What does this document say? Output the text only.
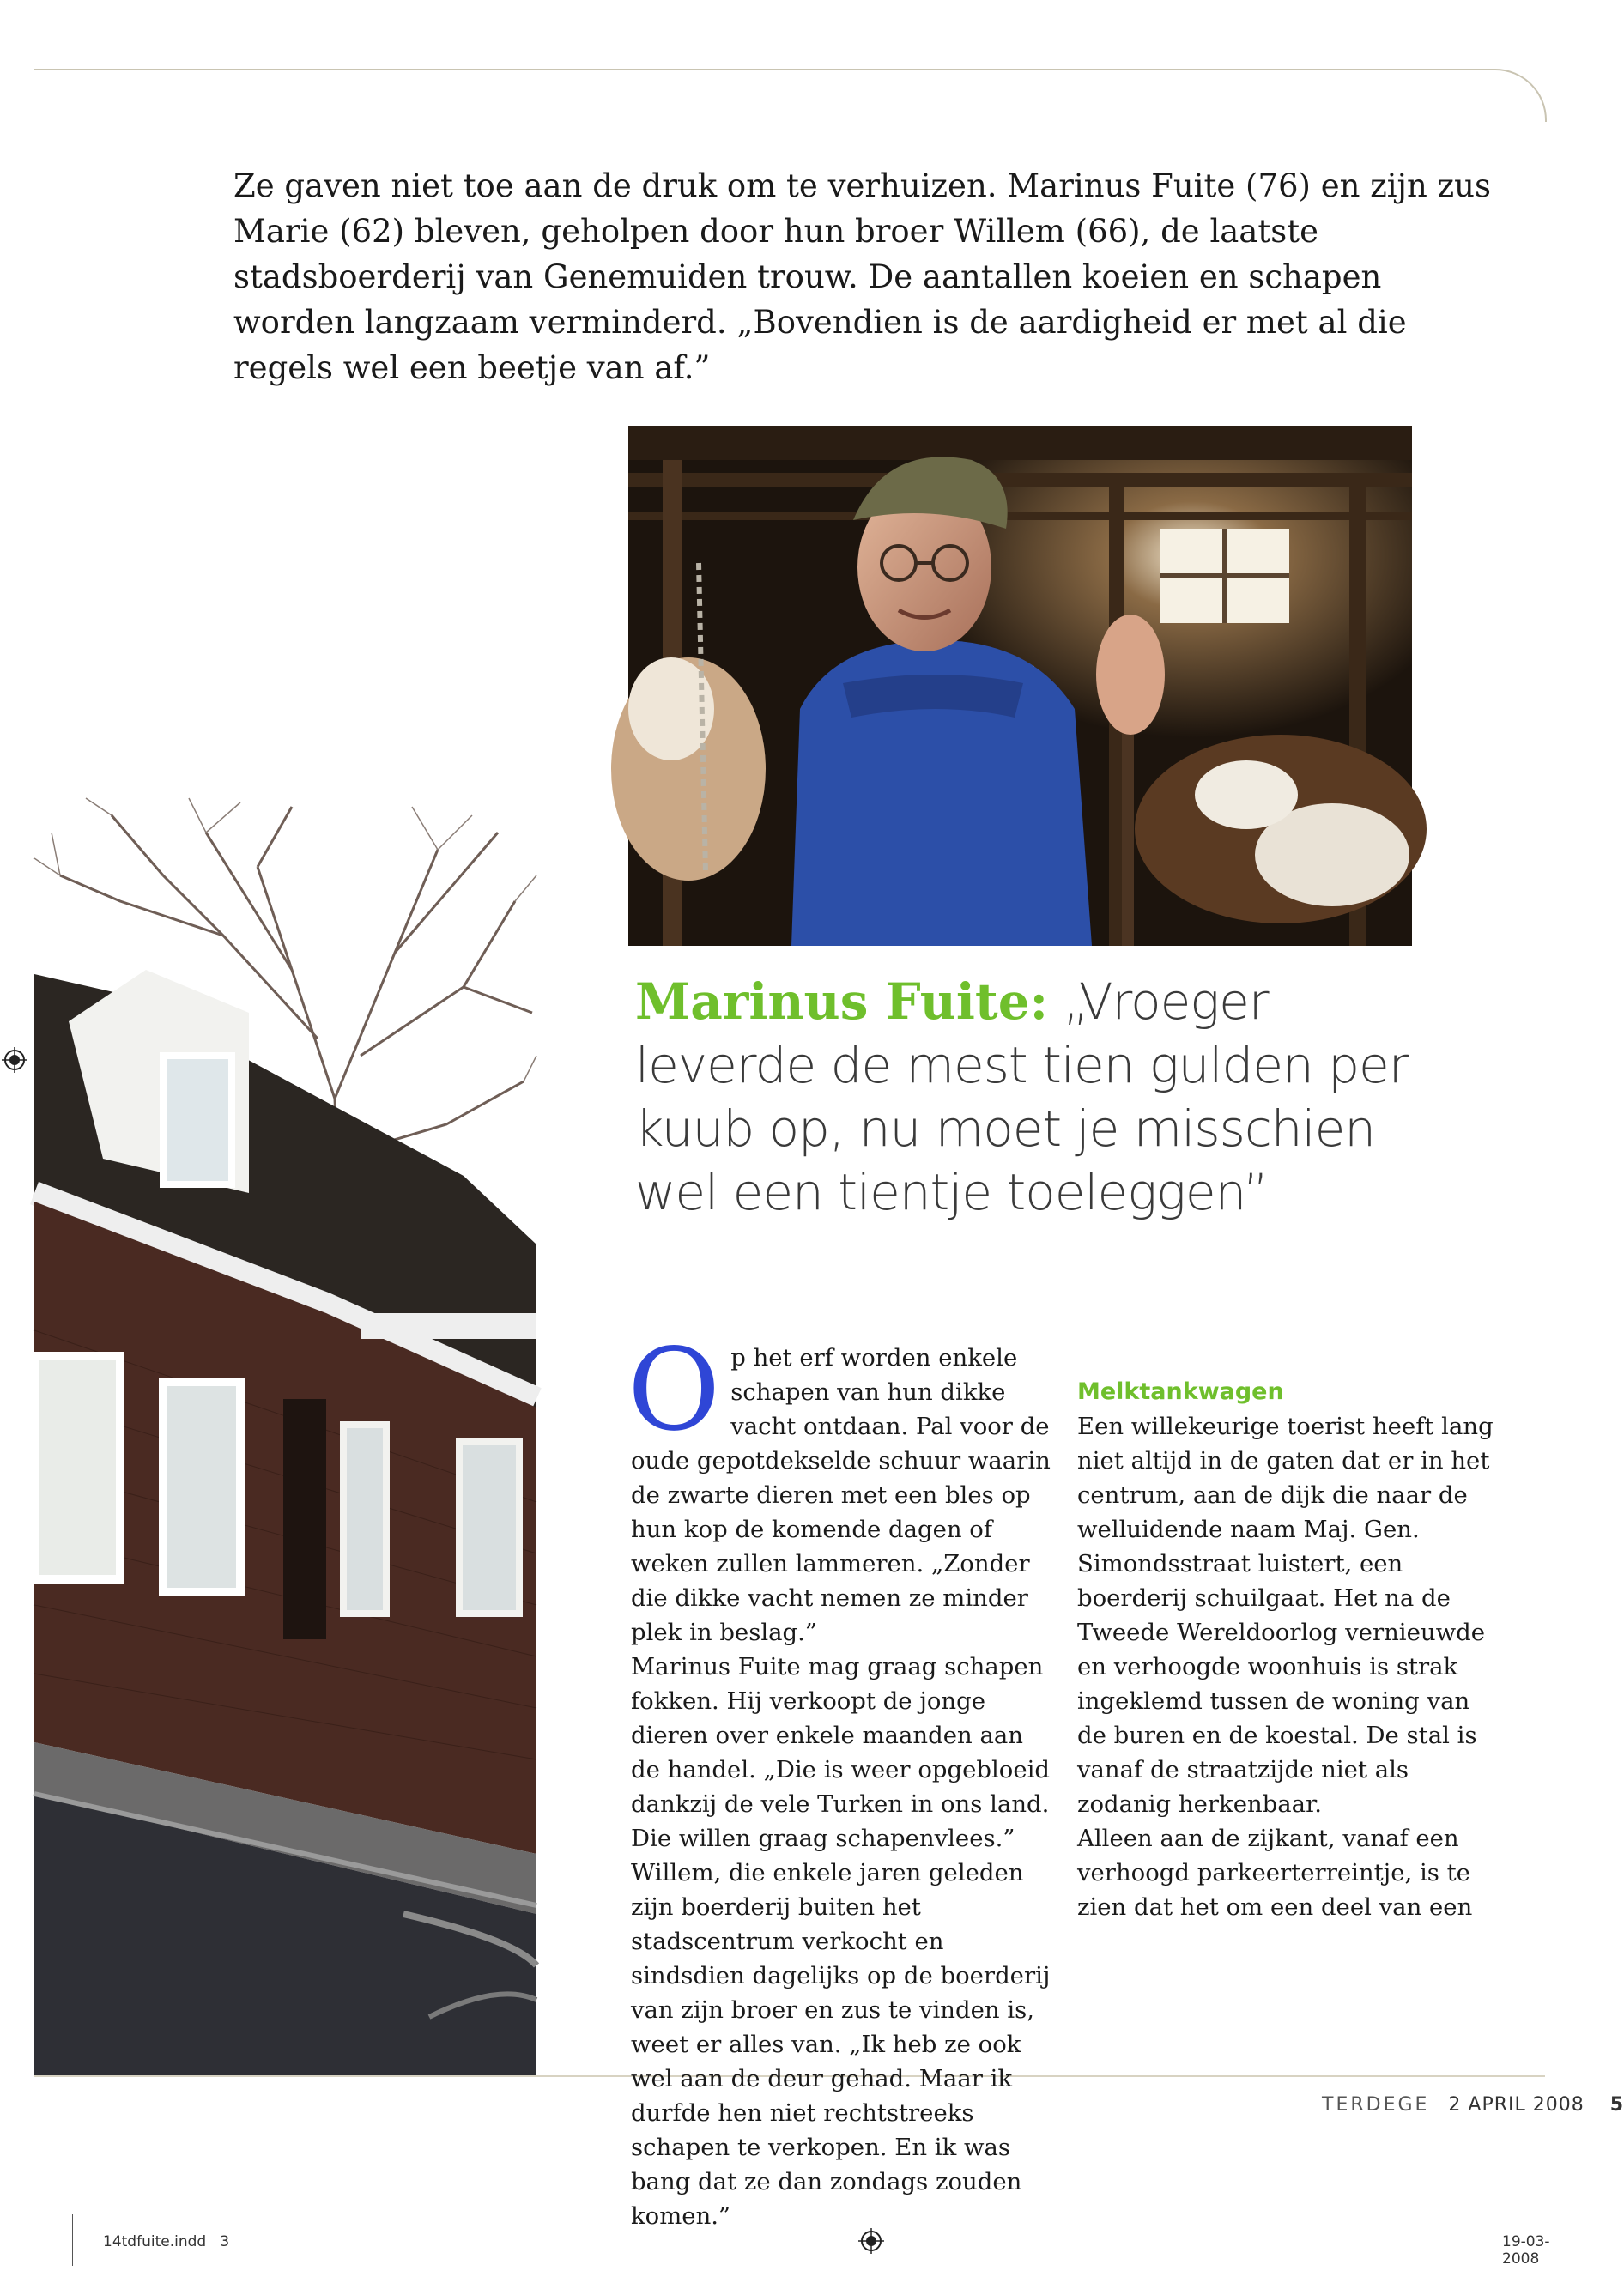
Ze gaven niet toe aan de druk om te verhuizen. Marinus Fuite (76) en zijn zus Marie (62) bleven, geholpen door hun broer Willem (66), de laatste stadsboerderij van Genemuiden trouw. De aantallen koeien en schapen worden langzaam verminderd. „Bovendien is de aardigheid er met al die regels wel een beetje van af.”

Marinus Fuite: „Vroeger leverde de mest tien gulden per kuub op, nu moet je misschien wel een tientje toeleggen”
O p het erf worden enkele schapen van hun dikke vacht ontdaan. Pal voor de oude gepotdekselde schuur waarin de zwarte dieren met een bles op hun kop de komende dagen of weken zullen lammeren. „Zonder die dikke vacht nemen ze minder plek in beslag.”

Marinus Fuite mag graag schapen fokken. Hij verkoopt de jonge dieren over enkele maanden aan de handel. „Die is weer opgebloeid dankzij de vele Turken in ons land. Die willen graag schapenvlees.”

Willem, die enkele jaren geleden zijn boerderij buiten het stadscentrum verkocht en sindsdien dagelijks op de boerderij van zijn broer en zus te vinden is, weet er alles van. „Ik heb ze ook wel aan de deur gehad. Maar ik durfde hen niet rechtstreeks schapen te verkopen. En ik was bang dat ze dan zondags zouden komen.”

Melktankwagen

Een willekeurige toerist heeft lang niet altijd in de gaten dat er in het centrum, aan de dijk die naar de welluidende naam Maj. Gen. Simondsstraat luistert, een boerderij schuilgaat. Het na de Tweede Wereldoorlog vernieuwde en verhoogde woonhuis is strak ingeklemd tussen de woning van de buren en de koestal. De stal is vanaf de straatzijde niet als zodanig herkenbaar.

Alleen aan de zijkant, vanaf een verhoogd parkeerterreintje, is te zien dat het om een deel van een

TERDEGE 2 APRIL 2008 5
14tdfuite.indd   3	19-03-2008
